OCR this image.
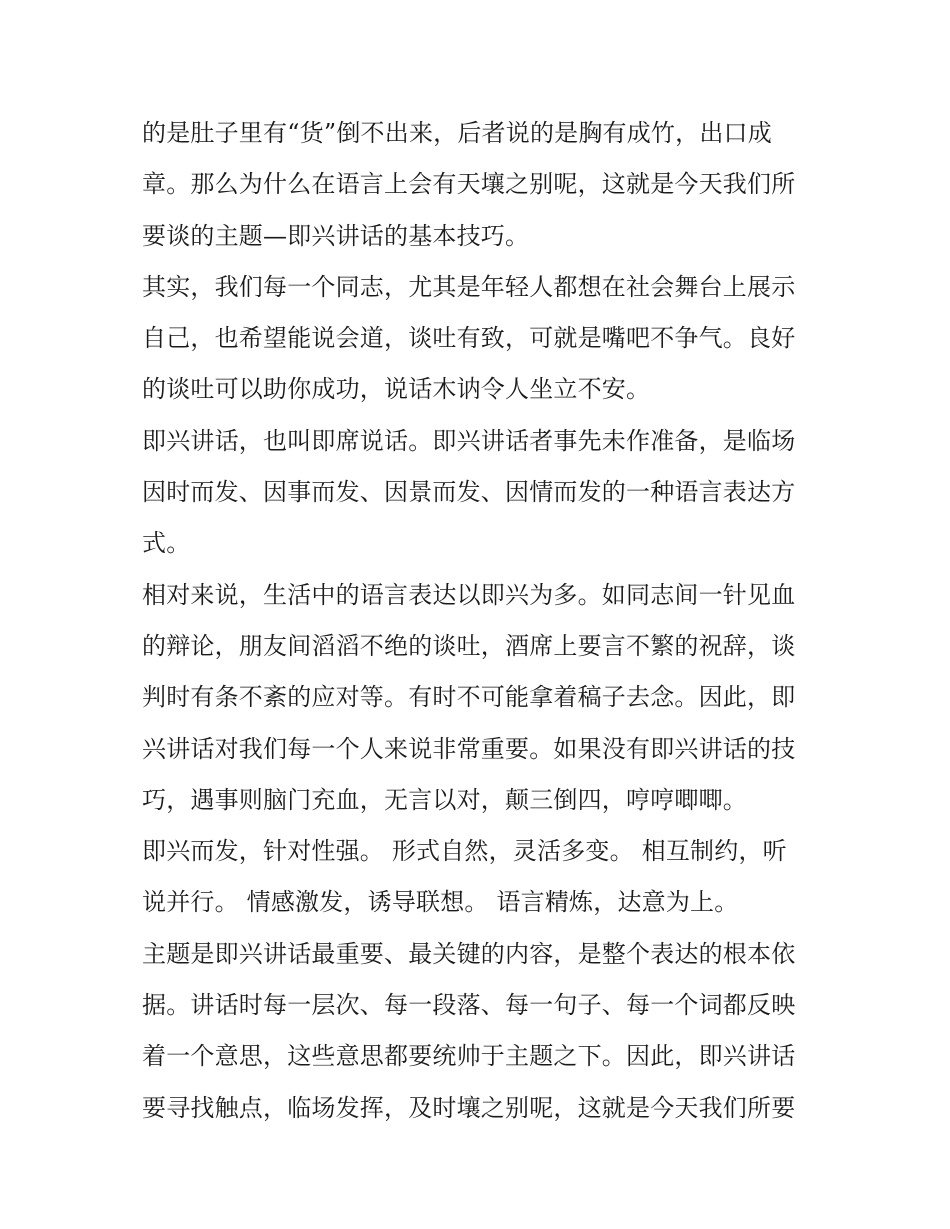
的是肚子里有“货”倒不出来，后者说的是胸有成竹，出口成
章。那么为什么在语言上会有天壤之别呢，这就是今天我们所
要谈的主题—即兴讲话的基本技巧。
其实，我们每一个同志，尤其是年轻人都想在社会舞台上展示
自己，也希望能说会道，谈吐有致，可就是嘴吧不争气。良好
的谈吐可以助你成功，说话木讷令人坐立不安。
即兴讲话，也叫即席说话。即兴讲话者事先未作准备，是临场
因时而发、因事而发、因景而发、因情而发的一种语言表达方
式。
相对来说，生活中的语言表达以即兴为多。如同志间一针见血
的辩论，朋友间滔滔不绝的谈吐，酒席上要言不繁的祝辞，谈
判时有条不紊的应对等。有时不可能拿着稿子去念。因此，即
兴讲话对我们每一个人来说非常重要。如果没有即兴讲话的技
巧，遇事则脑门充血，无言以对，颠三倒四，哼哼唧唧。
即兴而发，针对性强。 形式自然，灵活多变。 相互制约，听
说并行。 情感激发，诱导联想。 语言精炼，达意为上。
主题是即兴讲话最重要、最关键的内容，是整个表达的根本依
据。讲话时每一层次、每一段落、每一句子、每一个词都反映
着一个意思，这些意思都要统帅于主题之下。因此，即兴讲话
要寻找触点，临场发挥，及时壤之别呢，这就是今天我们所要
